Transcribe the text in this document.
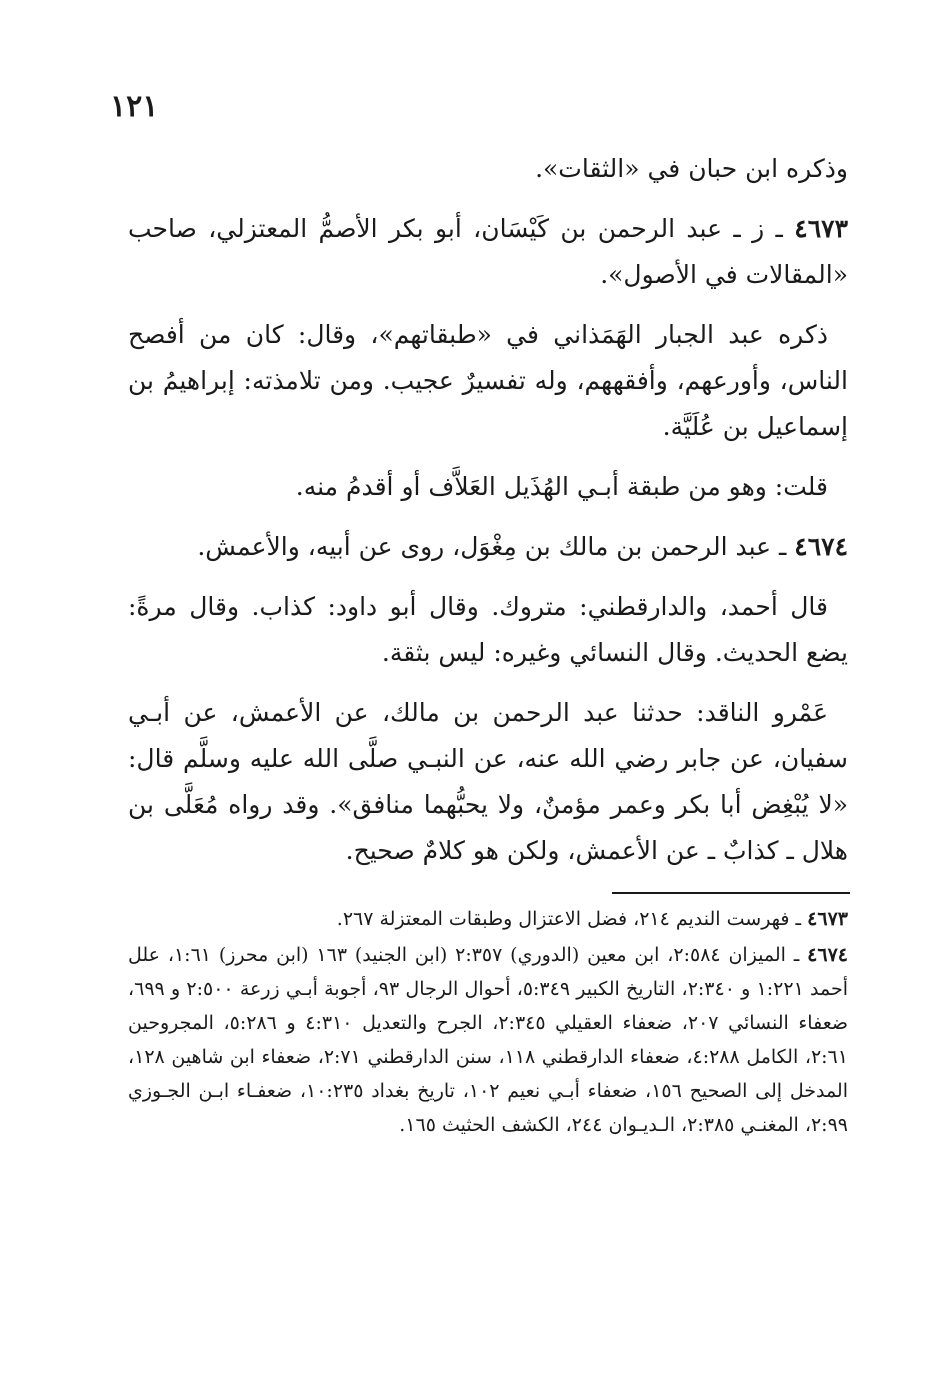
١٢١

وذكره ابن حبان في «الثقات».

٤٦٧٣ ـ ز ـ عبد الرحمن بن كَيْسَان، أبو بكر الأصمُّ المعتزلي، صاحب «المقالات في الأصول».

ذكره عبد الجبار الهَمَذاني في «طبقاتهم»، وقال: كان من أفصح الناس، وأورعهم، وأفقههم، وله تفسيرٌ عجيب. ومن تلامذته: إبراهيمُ بن إسماعيل بن عُلَيَّة.

قلت: وهو من طبقة أبـي الهُذَيل العَلاَّف أو أقدمُ منه.

٤٦٧٤ ـ عبد الرحمن بن مالك بن مِغْوَل، روى عن أبيه، والأعمش.

قال أحمد، والدارقطني: متروك. وقال أبو داود: كذاب. وقال مرةً: يضع الحديث. وقال النسائي وغيره: ليس بثقة.

عَمْرو الناقد: حدثنا عبد الرحمن بن مالك، عن الأعمش، عن أبـي سفيان، عن جابر رضي الله عنه، عن النبـي صلَّى الله عليه وسلَّم قال: «لا يُبْغِض أبا بكر وعمر مؤمنٌ، ولا يحبُّهما منافق». وقد رواه مُعَلَّى بن هلال ـ كذابٌ ـ عن الأعمش، ولكن هو كلامٌ صحيح.

٤٦٧٣ ـ فهرست النديم ٢١٤، فضل الاعتزال وطبقات المعتزلة ٢٦٧.

٤٦٧٤ ـ الميزان ٢:٥٨٤، ابن معين (الدوري) ٢:٣٥٧ (ابن الجنيد) ١٦٣ (ابن محرز) ١:٦١، علل أحمد ١:٢٢١ و ٢:٣٤٠، التاريخ الكبير ٥:٣٤٩، أحوال الرجال ٩٣، أجوبة أبـي زرعة ٢:٥٠٠ و ٦٩٩، ضعفاء النسائي ٢٠٧، ضعفاء العقيلي ٢:٣٤٥، الجرح والتعديل ٤:٣١٠ و ٥:٢٨٦، المجروحين ٢:٦١، الكامل ٤:٢٨٨، ضعفاء الدارقطني ١١٨، سنن الدارقطني ٢:٧١، ضعفاء ابن شاهين ١٢٨، المدخل إلى الصحيح ١٥٦، ضعفاء أبـي نعيم ١٠٢، تاريخ بغداد ١٠:٢٣٥، ضعفـاء ابـن الجـوزي ٢:٩٩، المغنـي ٢:٣٨٥، الـديـوان ٢٤٤، الكشف الحثيث ١٦٥.
